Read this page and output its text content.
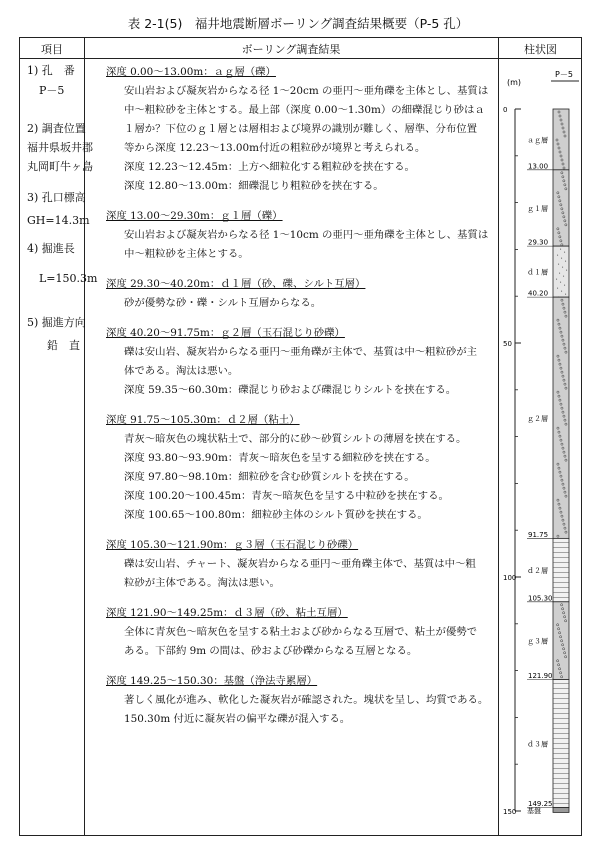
表 2-1(5)　福井地震断層ボーリング調査結果概要（P-5 孔）
項目	ボーリング調査結果	柱状図
1) 孔　番
P－5
2) 調査位置
福井県坂井郡
丸岡町牛ヶ島
3) 孔口標高
GH=14.3m
4) 掘進長
L=150.3m
5) 掘進方向
鉛　直
深度 0.00～13.00m：ａｇ層（礫）
安山岩および凝灰岩からなる径 1～20cm の亜円～亜角礫を主体とし、基質は
中～粗粒砂を主体とする。最上部（深度 0.00～1.30m）の細礫混じり砂はａ
１層か？下位のｇ１層とは層相および境界の識別が難しく、層準、分布位置
等から深度 12.23～13.00m付近の粗粒砂が境界と考えられる。
深度 12.23～12.45m：上方へ細粒化する粗粒砂を挟在する。
深度 12.80～13.00m：細礫混じり粗粒砂を挟在する。
深度 13.00～29.30m：ｇ１層（礫）
安山岩および凝灰岩からなる径 1～10cm の亜円～亜角礫を主体とし、基質は
中～粗粒砂を主体とする。
深度 29.30～40.20m：ｄ１層（砂、礫、シルト互層）
砂が優勢な砂・礫・シルト互層からなる。
深度 40.20～91.75m：ｇ２層（玉石混じり砂礫）
礫は安山岩、凝灰岩からなる亜円～亜角礫が主体で、基質は中～粗粒砂が主
体である。淘汰は悪い。
深度 59.35～60.30m：礫混じり砂および礫混じりシルトを挟在する。
深度 91.75～105.30m：ｄ２層（粘土）
青灰～暗灰色の塊状粘土で、部分的に砂～砂質シルトの薄層を挟在する。
深度 93.80～93.90m：青灰～暗灰色を呈する細粒砂を挟在する。
深度 97.80～98.10m：細粒砂を含む砂質シルトを挟在する。
深度 100.20～100.45m：青灰～暗灰色を呈する中粒砂を挟在する。
深度 100.65～100.80m：細粒砂主体のシルト質砂を挟在する。
深度 105.30～121.90m：ｇ３層（玉石混じり砂礫）
礫は安山岩、チャート、凝灰岩からなる亜円～亜角礫主体で、基質は中～粗
粒砂が主体である。淘汰は悪い。
深度 121.90～149.25m：ｄ３層（砂、粘土互層）
全体に青灰色～暗灰色を呈する粘土および砂からなる互層で、粘土が優勢で
ある。下部約 9m の間は、砂および砂礫からなる互層となる。
深度 149.25～150.30：基盤（浄法寺累層）
著しく風化が進み、軟化した凝灰岩が確認された。塊状を呈し、均質である。
150.30m 付近に凝灰岩の偏平な礫が混入する。
(m)
P－5
0
50
100
150
ａｇ層
ｇ１層
ｄ１層
ｇ２層
ｄ２層
ｇ３層
ｄ３層
基盤
13.00
29.30
40.20
91.75
105.30
121.90
149.25
